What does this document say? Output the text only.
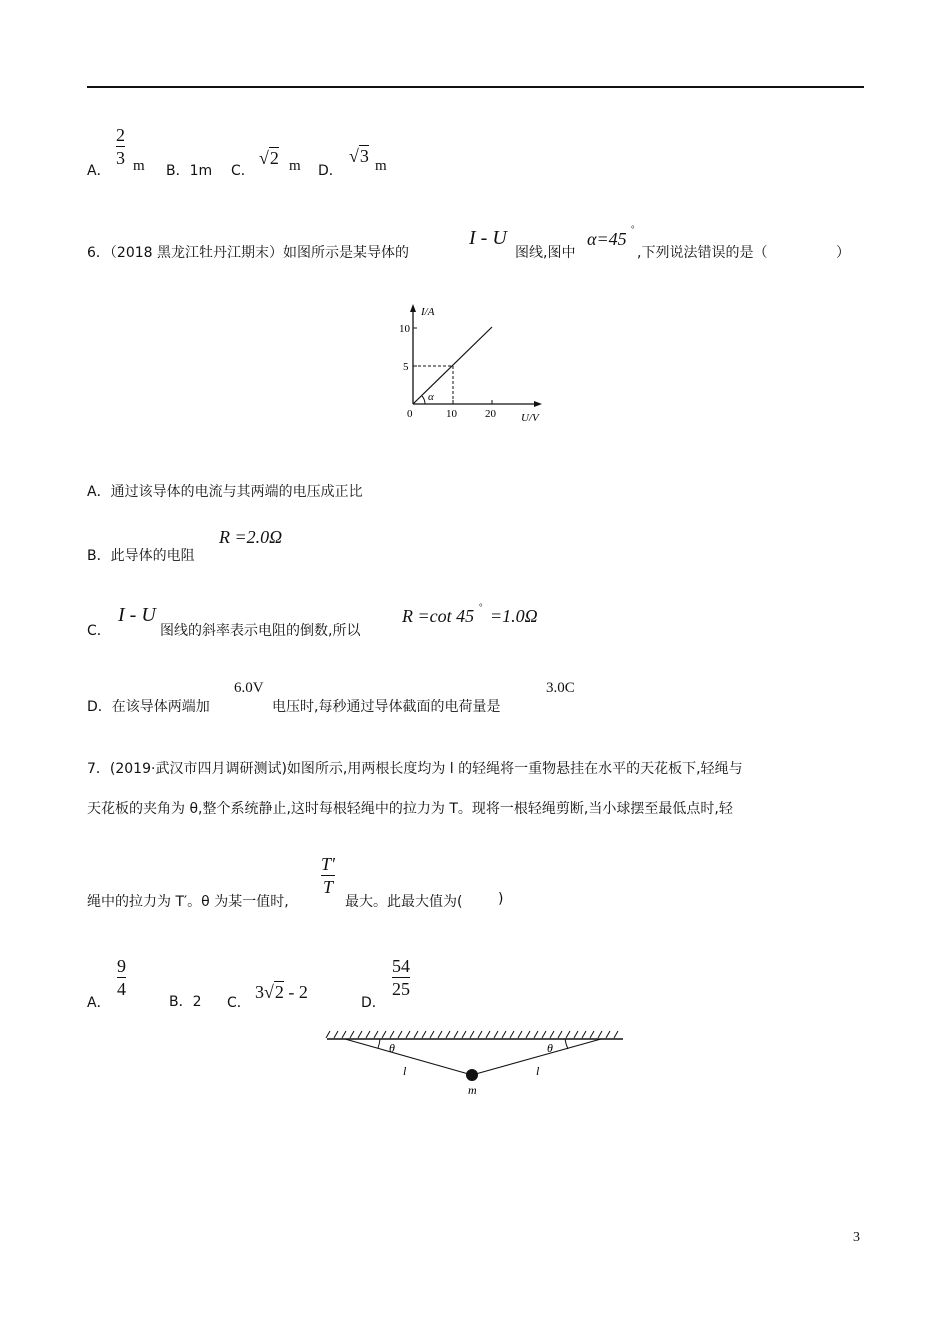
A．
2
3 m B．1m C．
√2 m D．
√3 m
6．（2018 黑龙江牡丹江期末）如图所示是某导体的
I - U
图线,图中
α=45 °
,下列说法错误的是（	）
I/A
U/V
10
5
0	10	20
α
A．通过该导体的电流与其两端的电压成正比
B．此导体的电阻
R =2.0Ω
C．
I - U
图线的斜率表示电阻的倒数,所以
R =cot 45 ° =1.0Ω
D．在该导体两端加
6.0V
电压时,每秒通过导体截面的电荷量是
3.0C
7．(2019·武汉市四月调研测试)如图所示,用两根长度均为 l 的轻绳将一重物悬挂在水平的天花板下,轻绳与
天花板的夹角为 θ,整个系统静止,这时每根轻绳中的拉力为 T。现将一根轻绳剪断,当小球摆至最低点时,轻
绳中的拉力为 T′。θ 为某一值时,
T′
T
最大。此最大值为(	)
A．
9
4
B．2 C．
3√2 - 2
D．
54
25
θ	θ
l	l
m
3
